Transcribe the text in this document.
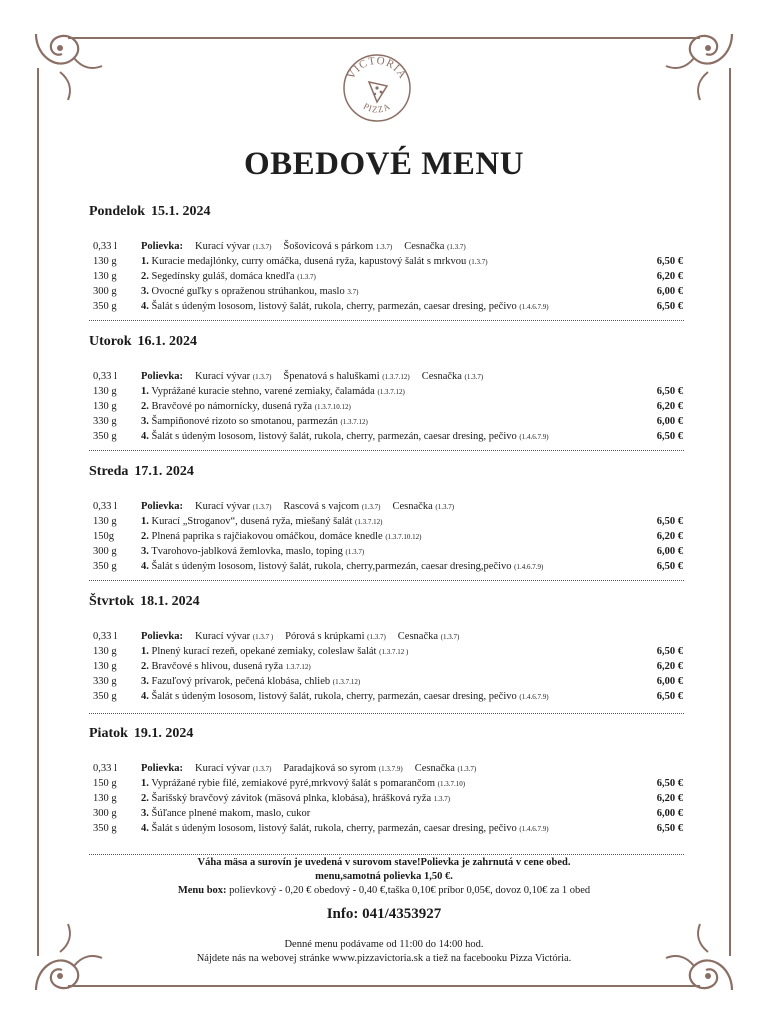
VICTÓRIA
PIZZA
OBEDOVÉ MENU
Pondelok 15.1. 2024
0,33 l Polievka: Kurací vývar (1.3.7) Šošovicová s párkom 1.3.7) Cesnačka (1.3.7)
130 g 1. Kuracie medajlónky, curry omáčka, dusená ryža, kapustový šalát s mrkvou (1.3.7)	6,50 €
130 g 2. Segedínsky guláš, domáca knedľa (1.3.7)	6,20 €
300 g 3. Ovocné guľky s opraženou strúhankou, maslo 3.7)	6,00 €
350 g 4. Šalát s údeným lososom, listový šalát, rukola, cherry, parmezán, caesar dresing, pečivo (1.4.6.7.9)	6,50 €
Utorok 16.1. 2024
0,33 l Polievka: Kurací vývar (1.3.7) Špenatová s haluškami (1.3.7.12) Cesnačka (1.3.7)
130 g 1. Vyprážané kuracie stehno, varené zemiaky, čalamáda (1.3.7.12)	6,50 €
130 g 2. Bravčové po námornícky, dusená ryža (1.3.7.10.12)	6,20 €
330 g 3. Šampiňonové rizoto so smotanou, parmezán (1.3.7.12)	6,00 €
350 g 4. Šalát s údeným lososom, listový šalát, rukola, cherry, parmezán, caesar dresing, pečivo (1.4.6.7.9)	6,50 €
Streda 17.1. 2024
0,33 l Polievka: Kurací vývar (1.3.7) Rascová s vajcom (1.3.7) Cesnačka (1.3.7)
130 g 1. Kurací „Stroganov“, dusená ryža, miešaný šalát (1.3.7.12)	6,50 €
150g	2. Plnená paprika s rajčiakovou omáčkou, domáce knedle (1.3.7.10.12)	6,20 €
300 g 3. Tvarohovo-jablková žemlovka, maslo, toping (1.3.7)	6,00 €
350 g 4. Šalát s údeným lososom, listový šalát, rukola, cherry,parmezán, caesar dresing,pečivo (1.4.6.7.9)	6,50 €
Štvrtok 18.1. 2024
0,33 l Polievka: Kurací vývar (1.3.7 ) Pórová s krúpkami (1.3.7) Cesnačka (1.3.7)
130 g 1. Plnený kurací rezeň, opekané zemiaky, coleslaw šalát (1.3.7.12 )	6,50 €
130 g 2. Bravčové s hlivou, dusená ryža 1.3.7.12)	6,20 €
330 g 3. Fazuľový prívarok, pečená klobása, chlieb (1.3.7.12)	6,00 €
350 g 4. Šalát s údeným lososom, listový šalát, rukola, cherry, parmezán, caesar dresing, pečivo (1.4.6.7.9)	6,50 €
Piatok 19.1. 2024
0,33 l Polievka: Kurací vývar (1.3.7) Paradajková so syrom (1.3.7.9) Cesnačka (1.3.7)
150 g 1. Vyprážané rybie filé, zemiakové pyré,mrkvový šalát s pomarančom (1.3.7.10)	6,50 €
130 g 2. Šarišský bravčový závitok (mäsová plnka, klobása), hrášková ryža 1.3.7)	6,20 €
300 g 3. Šúľance plnené makom, maslo, cukor	6,00 €
350 g 4. Šalát s údeným lososom, listový šalát, rukola, cherry, parmezán, caesar dresing, pečivo (1.4.6.7.9)	6,50 €
Váha mäsa a surovín je uvedená v surovom stave!Polievka je zahrnutá v cene obed.
menu,samotná polievka 1,50 €.
Menu box: polievkový - 0,20 € obedový - 0,40 €,taška 0,10€ príbor 0,05€, dovoz 0,10€ za 1 obed
Info: 041/4353927
Denné menu podávame od 11:00 do 14:00 hod.
Nájdete nás na webovej stránke www.pizzavictoria.sk a tiež na facebooku Pizza Victória.
